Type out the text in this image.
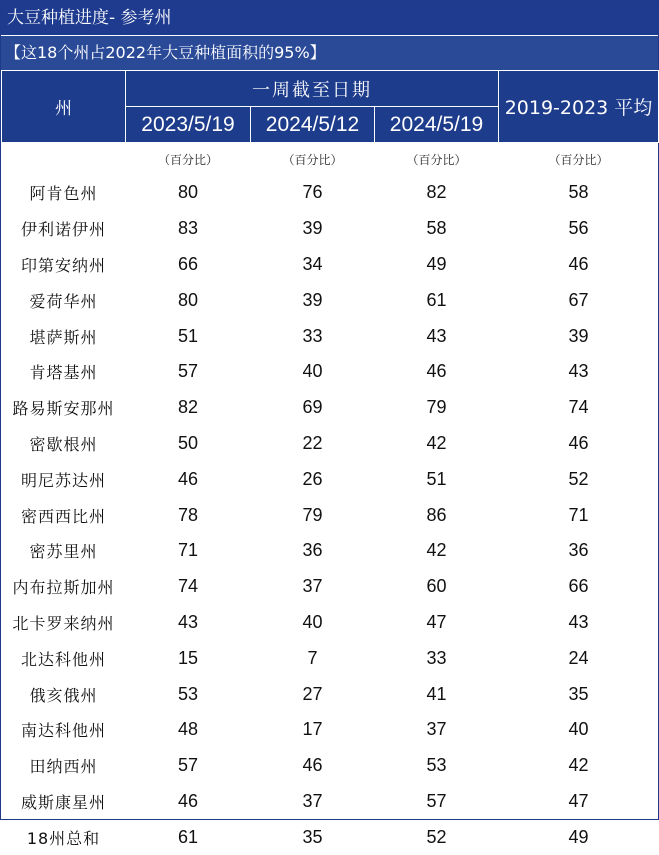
大豆种植进度- 参考州
【这18个州占2022年大豆种植面积的95%】
州	一周截至日期			2019-2023 平均
	2023/5/19	2024/5/12	2024/5/19	
	（百分比）	（百分比）	（百分比）	（百分比）
阿肯色州	80	76	82	58
伊利诺伊州	83	39	58	56
印第安纳州	66	34	49	46
爱荷华州	80	39	61	67
堪萨斯州	51	33	43	39
肯塔基州	57	40	46	43
路易斯安那州	82	69	79	74
密歇根州	50	22	42	46
明尼苏达州	46	26	51	52
密西西比州	78	79	86	71
密苏里州	71	36	42	36
内布拉斯加州	74	37	60	66
北卡罗来纳州	43	40	47	43
北达科他州	15	7	33	24
俄亥俄州	53	27	41	35
南达科他州	48	17	37	40
田纳西州	57	46	53	42
威斯康星州	46	37	57	47
18州总和	61	35	52	49
